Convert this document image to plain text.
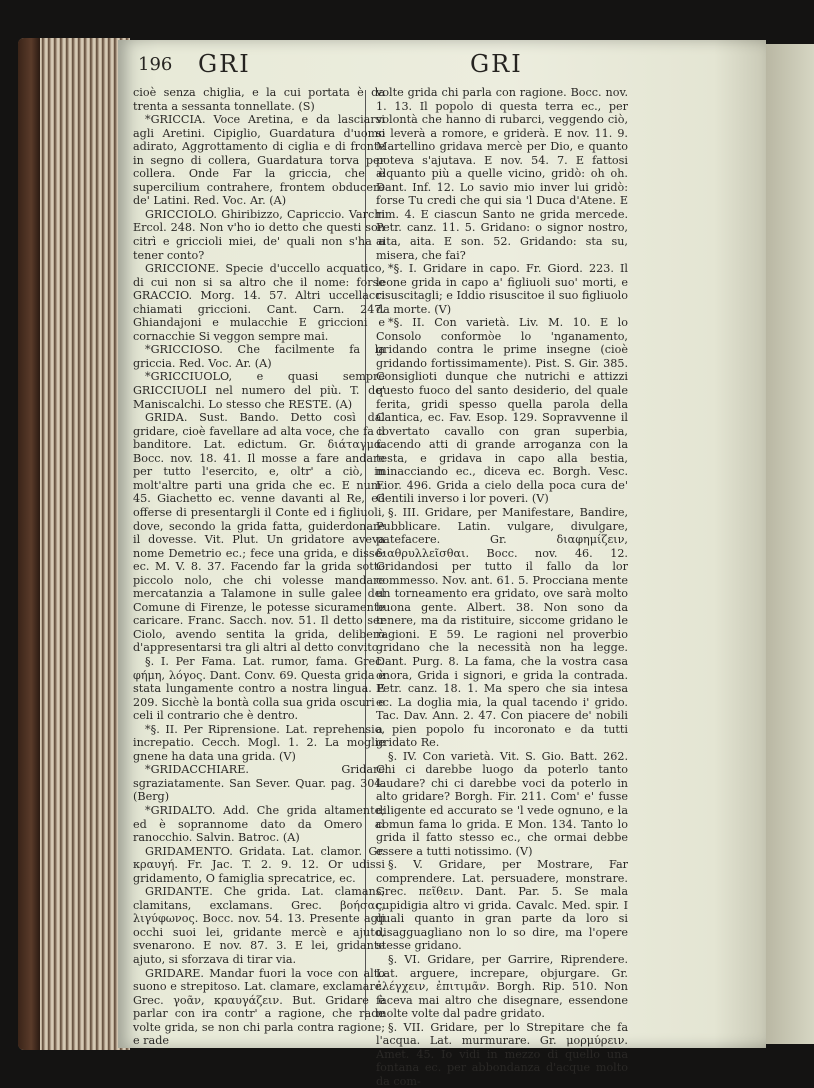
196 GRI	GRI

cioè senza chiglia, e la cui portata è da trenta a sessanta tonnellate. (S)

*GRICCIA. Voce Aretina, e da lasciarsi agli Aretini. Cipiglio, Guardatura d'uomo adirato, Aggrottamento di ciglia e di fronte in segno di collera, Guardatura torva per collera. Onde Far la griccia, che è supercilium contrahere, frontem obducere de' Latini. Red. Voc. Ar. (A)

GRICCIOLO. Ghiribizzo, Capriccio. Varchi Ercol. 248. Non v'ho io detto che questi son citrì e griccioli miei, de' quali non s'ha a tener conto?

GRICCIONE. Specie d'uccello acquatico, di cui non si sa altro che il nome: forse GRACCIO. Morg. 14. 57. Altri uccellacci chiamati griccioni. Cant. Carn. 247. Ghiandajoni e mulacchie E griccioni e cornacchie Si veggon sempre mai.

*GRICCIOSO. Che facilmente fa la griccia. Red. Voc. Ar. (A)

*GRICCIUOLO, e quasi sempre GRICCIUOLI nel numero del più. T. de' Maniscalchi. Lo stesso che RESTE. (A)

GRIDA. Sust. Bando. Detto così dal gridare, cioè favellare ad alta voce, che fa il banditore. Lat. edictum. Gr. διάταγμα. Bocc. nov. 18. 41. Il mosse a fare andare per tutto l'esercito, e, oltr' a ciò, in molt'altre parti una grida che ec. E num. 45. Giachetto ec. venne davanti al Re, ed offerse di presentargli il Conte ed i figliuoli, dove, secondo la grida fatta, guiderdonare il dovesse. Vit. Plut. Un gridatore aveva nome Demetrio ec.; fece una grida, e disse: ec. M. V. 8. 37. Facendo far la grida sotto piccolo nolo, che chi volesse mandare mercatanzia a Talamone in sulle galee del Comune di Firenze, le potesse sicuramente caricare. Franc. Sacch. nov. 51. Il detto ser Ciolo, avendo sentita la grida, deliberò d'appresentarsi tra gli altri al detto convito.

§. I. Per Fama. Lat. rumor, fama. Grec. φήμη, λόγος. Dant. Conv. 69. Questa grida è stata lungamente contro a nostra lingua. E 209. Sicchè la bontà colla sua grida oscuri e celi il contrario che è dentro.

*§. II. Per Riprensione. Lat. reprehensio, increpatio. Cecch. Mogl. 1. 2. La moglie gnene ha data una grida. (V)

*GRIDACCHIARE. Gridare sgraziatamente. San Sever. Quar. pag. 304. (Berg)

*GRIDALTO. Add. Che grida altamente; ed è soprannome dato da Omero al ranocchio. Salvin. Batroc. (A)

GRIDAMENTO. Gridata. Lat. clamor. Gr. κραυγή. Fr. Jac. T. 2. 9. 12. Or udissi gridamento, O famiglia sprecatrice, ec.

GRIDANTE. Che grida. Lat. clamans, clamitans, exclamans. Grec. βοήσας, λιγύφωνος. Bocc. nov. 54. 13. Presente agli occhi suoi lei, gridante mercè e ajuto, svenarono. E nov. 87. 3. E lei, gridante ajuto, si sforzava di tirar via.

GRIDARE. Mandar fuori la voce con alto suono e strepitoso. Lat. clamare, exclamare. Grec. γοᾶν, κραυγάζειν. But. Gridare è parlar con ira contr' a ragione, che rade volte grida, se non chi parla contra ragione; e rade

volte grida chi parla con ragione. Bocc. nov. 1. 13. Il popolo di questa terra ec., per volontà che hanno di rubarci, veggendo ciò, si leverà a romore, e griderà. E nov. 11. 9. Martellino gridava mercè per Dio, e quanto poteva s'ajutava. E nov. 54. 7. E fattosi alquanto più a quelle vicino, gridò: oh oh. Dant. Inf. 12. Lo savio mio inver lui gridò: forse Tu credi che qui sia 'l Duca d'Atene. E rim. 4. E ciascun Santo ne grida mercede. Petr. canz. 11. 5. Gridano: o signor nostro, aita, aita. E son. 52. Gridando: sta su, misera, che fai?

*§. I. Gridare in capo. Fr. Giord. 223. Il leone grida in capo a' figliuoli suo' morti, e risuscitagli; e Iddio risuscitoe il suo figliuolo da morte. (V)

*§. II. Con varietà. Liv. M. 10. E lo Consolo conformòe lo 'nganamento, gridando contra le prime insegne (cioè gridando fortissimamente). Pist. S. Gir. 385. Consiglioti dunque che nutrichi e attizzi questo fuoco del santo desiderio, del quale ferita, gridi spesso quella parola della Cantica, ec. Fav. Esop. 129. Sopravvenne il covertato cavallo con gran superbia, facendo atti di grande arroganza con la testa, e gridava in capo alla bestia, minacciando ec., diceva ec. Borgh. Vesc. Fior. 496. Grida a cielo della poca cura de' Gentili inverso i lor poveri. (V)

§. III. Gridare, per Manifestare, Bandire, Pubblicare. Latin. vulgare, divulgare, patefacere. Gr. διαφημίζειν, διαθρυλλεῖσθαι. Bocc. nov. 46. 12. Gridandosi per tutto il fallo da lor commesso. Nov. ant. 61. 5. Procciana mente un torneamento era gridato, ove sarà molto buona gente. Albert. 38. Non sono da tenere, ma da ristituire, siccome gridano le ragioni. E 59. Le ragioni nel proverbio gridano che la necessità non ha legge. Dant. Purg. 8. La fama, che la vostra casa onora, Grida i signori, e grida la contrada. Petr. canz. 18. 1. Ma spero che sia intesa ec. La doglia mia, la qual tacendo i' grido. Tac. Dav. Ann. 2. 47. Con piacere de' nobili a pien popolo fu incoronato e da tutti gridato Re.

§. IV. Con varietà. Vit. S. Gio. Batt. 262. Chi ci darebbe luogo da poterlo tanto laudare? chi ci darebbe voci da poterlo in alto gridare? Borgh. Fir. 211. Com' e' fusse diligente ed accurato se 'l vede ognuno, e la comun fama lo grida. E Mon. 134. Tanto lo grida il fatto stesso ec., che ormai debbe essere a tutti notissimo. (V)

§. V. Gridare, per Mostrare, Far comprendere. Lat. persuadere, monstrare. Grec. πεῖθειν. Dant. Par. 5. Se mala cupidigia altro vi grida. Cavalc. Med. spir. I quali quanto in gran parte da loro si disagguagliano non lo so dire, ma l'opere stesse gridano.

§. VI. Gridare, per Garrire, Riprendere. Lat. arguere, increpare, objurgare. Gr. ἐλέγχειν, ἐπιτιμᾶν. Borgh. Rip. 510. Non faceva mai altro che disegnare, essendone molte volte dal padre gridato.

§. VII. Gridare, per lo Strepitare che fa l'acqua. Lat. murmurare. Gr. μορμύρειν. Amet. 45. Io vidi in mezzo di quello una fontana ec. per abbondanza d'acque molto da com-
